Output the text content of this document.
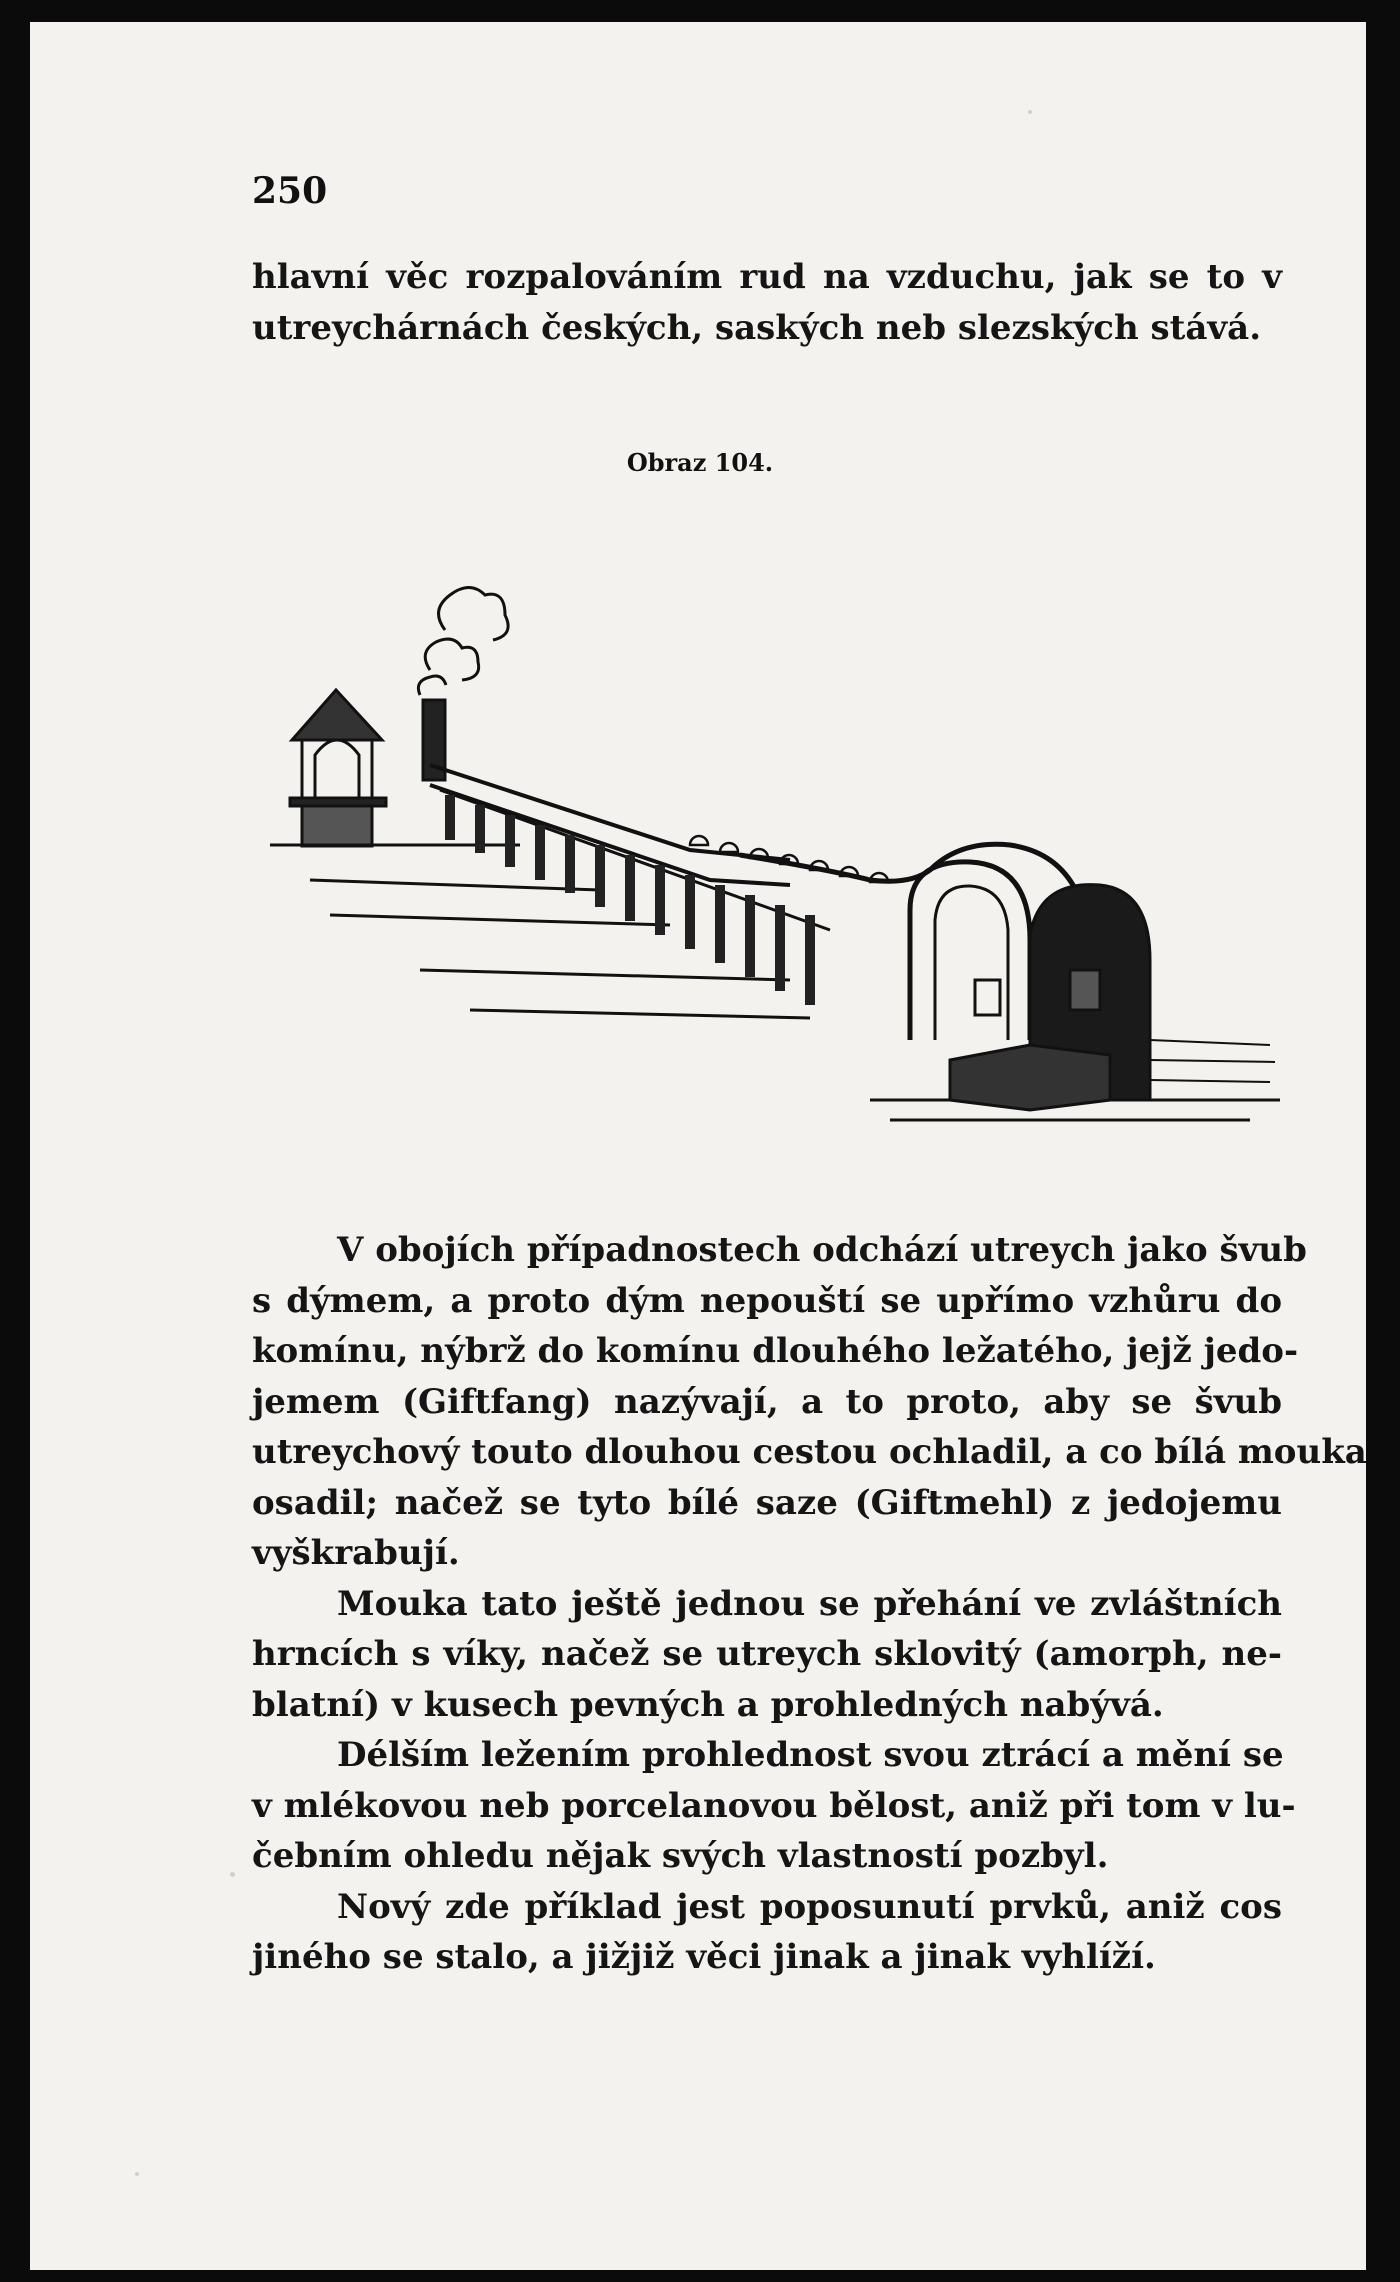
250
hlavní věc rozpalováním rud na vzduchu, jak se to v
utreychárnách českých, saských neb slezských stává.
Obraz 104.
V obojích případnostech odchází utreych jako švub
s dýmem, a proto dým nepouští se upřímo vzhůru do
komínu, nýbrž do komínu dlouhého ležatého, jejž jedo-
jemem (Giftfang) nazývají, a to proto, aby se švub
utreychový touto dlouhou cestou ochladil, a co bílá mouka
osadil; načež se tyto bílé saze (Giftmehl) z jedojemu
vyškrabují.
Mouka tato ještě jednou se přehání ve zvláštních
hrncích s víky, načež se utreych sklovitý (amorph, ne-
blatní) v kusech pevných a prohledných nabývá.
Délším ležením prohlednost svou ztrácí a mění se
v mlékovou neb porcelanovou bělost, aniž při tom v lu-
čebním ohledu nějak svých vlastností pozbyl.
Nový zde příklad jest poposunutí prvků, aniž cos
jiného se stalo, a jižjiž věci jinak a jinak vyhlíží.
